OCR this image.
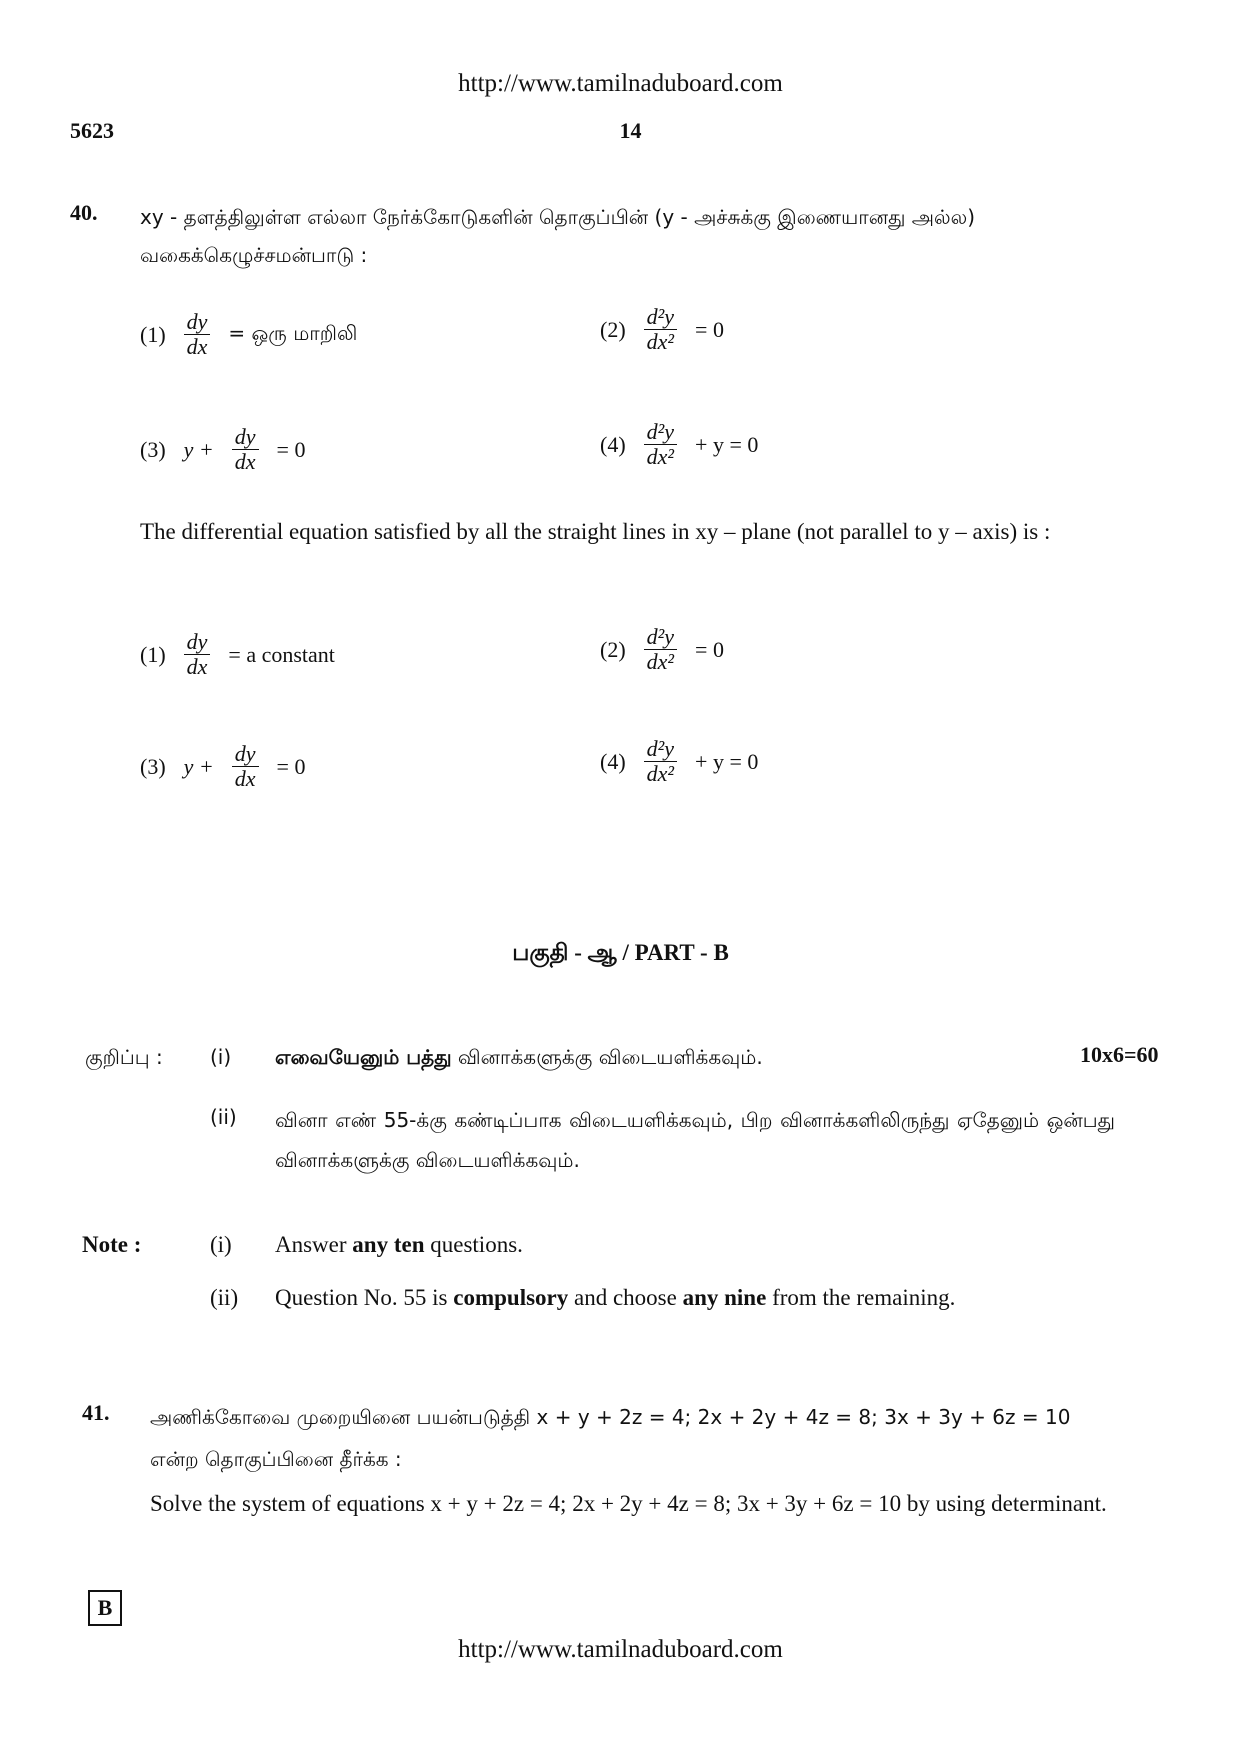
http://www.tamilnaduboard.com
5623	14
40. xy - தளத்திலுள்ள எல்லா நேர்க்கோடுகளின் தொகுப்பின் (y - அச்சுக்கு இணையானது அல்ல) வகைக்கெழுச்சமன்பாடு :
$(1) \frac{dy}{dx}$ = ஒரு மாறிலி	$(2) \frac{\text{d²y}}{\text{dx²}} = 0$
(3) $y + \frac{dy}{dx} = 0$	$(4) \frac{\text{d²y}}{\text{dx²}} + y = 0$
The differential equation satisfied by all the straight lines in xy – plane (not parallel to y – axis) is :
$(1) \frac{dy}{dx} = a$ constant	$(2) \frac{\text{d²y}}{\text{dx²}} = 0$
(3) $y + \frac{dy}{dx} = 0$	$(4) \frac{\text{d²y}}{\text{dx²}} + y = 0$
பகுதி - ஆ / PART - B
குறிப்பு : (i) எவையேனும் பத்து வினாக்களுக்கு விடையளிக்கவும்.	10x6=60
(ii) வினா எண் 55-க்கு கண்டிப்பாக விடையளிக்கவும், பிற வினாக்களிலிருந்து ஏதேனும் ஒன்பது வினாக்களுக்கு விடையளிக்கவும்.
Note :	(i) Answer any ten questions.
(ii) Question No. 55 is compulsory and choose any nine from the remaining.
41. அணிக்கோவை முறையினை பயன்படுத்தி x + y + 2z = 4; 2x + 2y + 4z = 8; 3x + 3y + 6z = 10 என்ற தொகுப்பினை தீர்க்க :
Solve the system of equations x + y + 2z = 4; 2x + 2y + 4z = 8; 3x + 3y + 6z = 10 by using determinant.
B
http://www.tamilnaduboard.com
